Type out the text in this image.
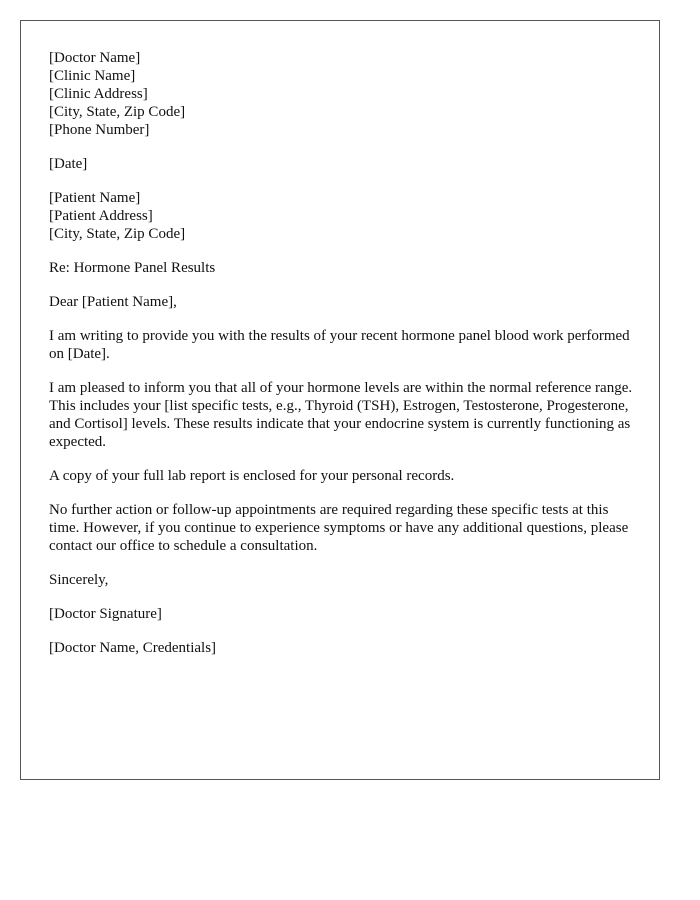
[Doctor Name]
[Clinic Name]
[Clinic Address]
[City, State, Zip Code]
[Phone Number]
[Date]
[Patient Name]
[Patient Address]
[City, State, Zip Code]

Re: Hormone Panel Results

Dear [Patient Name],

I am writing to provide you with the results of your recent hormone panel blood work performed on [Date].

I am pleased to inform you that all of your hormone levels are within the normal reference range. This includes your [list specific tests, e.g., Thyroid (TSH), Estrogen, Testosterone, Progesterone, and Cortisol] levels. These results indicate that your endocrine system is currently functioning as expected.

A copy of your full lab report is enclosed for your personal records.

No further action or follow-up appointments are required regarding these specific tests at this time. However, if you continue to experience symptoms or have any additional questions, please contact our office to schedule a consultation.

Sincerely,

[Doctor Signature]

[Doctor Name, Credentials]
